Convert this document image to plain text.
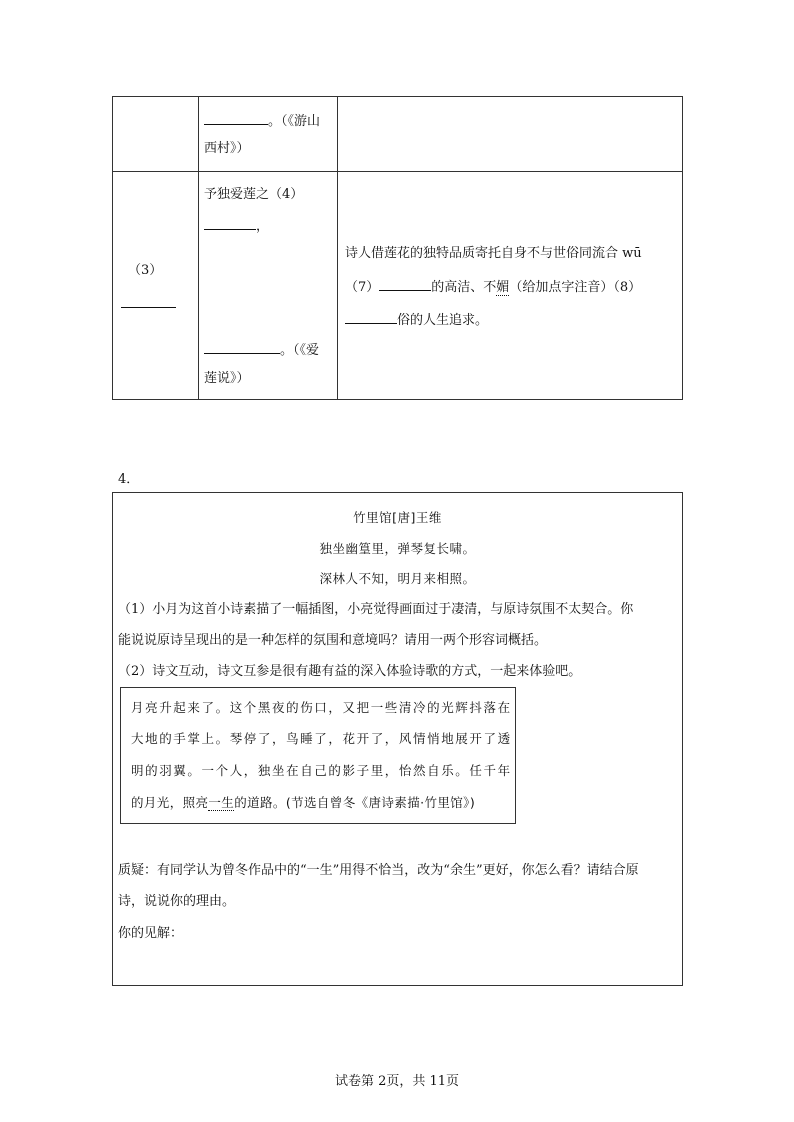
。（《游山
西村》）
（3）
予独爱莲之（4）
，
。（《爱
莲说》）
诗人借莲花的独特品质寄托自身不与世俗同流合 wū
（7）	的高洁、不媚（给加点字注音）（8）
俗的人生追求。
4．
竹里馆[唐]王维
独坐幽篁里，弹琴复长啸。
深林人不知，明月来相照。
（1）小月为这首小诗素描了一幅插图，小亮觉得画面过于凄清，与原诗氛围不太契合。你
能说说原诗呈现出的是一种怎样的氛围和意境吗？请用一两个形容词概括。
（2）诗文互动，诗文互参是很有趣有益的深入体验诗歌的方式，一起来体验吧。
月亮升起来了。这个黑夜的伤口，又把一些清冷的光辉抖落在
大地的手掌上。琴停了，鸟睡了，花开了，风情悄地展开了透
明的羽翼。一个人，独坐在自己的影子里，怡然自乐。任千年
的月光，照亮一生的道路。(节选自曾冬《唐诗素描·竹里馆》)
质疑：有同学认为曾冬作品中的“一生”用得不恰当，改为“余生”更好，你怎么看？请结合原
诗，说说你的理由。
你的见解：
试卷第 2页，共 11页
